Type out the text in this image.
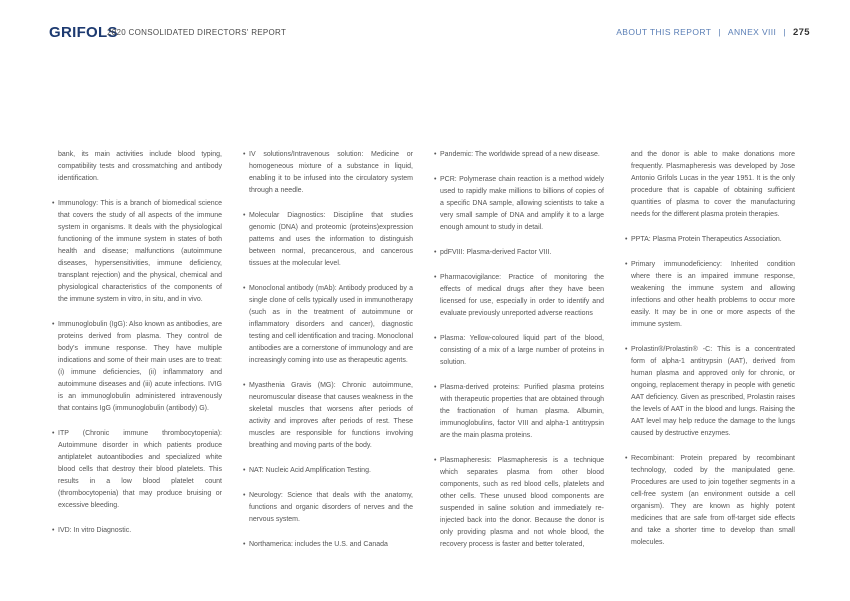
GRIFOLS
2020 CONSOLIDATED DIRECTORS' REPORT	ABOUT THIS REPORT | ANNEX VIII | 275

bank, its main activities include blood typing, compatibility tests and crossmatching and antibody identification.

• Immunology: This is a branch of biomedical science that covers the study of all aspects of the immune system in organisms. It deals with the physiological functioning of the immune system in states of both health and disease; malfunctions (autoimmune diseases, hypersensitivities, immune deficiency, transplant rejection) and the physical, chemical and physiological characteristics of the components of the immune system in vitro, in situ, and in vivo.
• Immunoglobulin (IgG): Also known as antibodies, are proteins derived from plasma. They control de body's immune response. They have multiple indications and some of their main uses are to treat: (i) immune deficiencies, (ii) inflammatory and autoimmune diseases and (iii) acute infections. IVIG is an immunoglobulin administered intravenously that contains IgG (immunoglobulin (antibody) G).
• ITP (Chronic immune thrombocytopenia): Autoimmune disorder in which patients produce antiplatelet autoantibodies and specialized white blood cells that destroy their blood platelets. This results in a low blood platelet count (thrombocytopenia) that may produce bruising or excessive bleeding.
• IVD: In vitro Diagnostic.
• IV solutions/Intravenous solution: Medicine or homogeneous mixture of a substance in liquid, enabling it to be infused into the circulatory system through a needle.
• Molecular Diagnostics: Discipline that studies genomic (DNA) and proteomic (proteins)expression patterns and uses the information to distinguish between normal, precancerous, and cancerous tissues at the molecular level.
• Monoclonal antibody (mAb): Antibody produced by a single clone of cells typically used in immunotherapy (such as in the treatment of autoimmune or inflammatory disorders and cancer), diagnostic testing and cell identification and tracing. Monoclonal antibodies are a cornerstone of immunology and are increasingly coming into use as therapeutic agents.
• Myasthenia Gravis (MG): Chronic autoimmune, neuromuscular disease that causes weakness in the skeletal muscles that worsens after periods of activity and improves after periods of rest. These muscles are responsible for functions involving breathing and moving parts of the body.
• NAT: Nucleic Acid Amplification Testing.
• Neurology: Science that deals with the anatomy, functions and organic disorders of nerves and the nervous system.
• Northamerica: includes the U.S. and Canada
• Pandemic: The worldwide spread of a new disease.
• PCR: Polymerase chain reaction is a method widely used to rapidly make millions to billions of copies of a specific DNA sample, allowing scientists to take a very small sample of DNA and amplify it to a large enough amount to study in detail.
• pdFVIII: Plasma-derived Factor VIII.
• Pharmacovigilance: Practice of monitoring the effects of medical drugs after they have been licensed for use, especially in order to identify and evaluate previously unreported adverse reactions
• Plasma: Yellow-coloured liquid part of the blood, consisting of a mix of a large number of proteins in solution.
• Plasma-derived proteins: Purified plasma proteins with therapeutic properties that are obtained through the fractionation of human plasma. Albumin, immunoglobulins, factor VIII and alpha-1 antitrypsin are the main plasma proteins.
• Plasmapheresis: Plasmapheresis is a technique which separates plasma from other blood components, such as red blood cells, platelets and other cells. These unused blood components are suspended in saline solution and immediately re-injected back into the donor. Because the donor is only providing plasma and not whole blood, the recovery process is faster and better tolerated,

and the donor is able to make donations more frequently. Plasmapheresis was developed by Jose Antonio Grifols Lucas in the year 1951. It is the only procedure that is capable of obtaining sufficient quantities of plasma to cover the manufacturing needs for the different plasma protein therapies.

• PPTA: Plasma Protein Therapeutics Association.
• Primary immunodeficiency: Inherited condition where there is an impaired immune response, weakening the immune system and allowing infections and other health problems to occur more easily. It may be in one or more aspects of the immune system.
• Prolastin®/Prolastin® -C: This is a concentrated form of alpha-1 antitrypsin (AAT), derived from human plasma and approved only for chronic, or ongoing, replacement therapy in people with genetic AAT deficiency. Given as prescribed, Prolastin raises the levels of AAT in the blood and lungs. Raising the AAT level may help reduce the damage to the lungs caused by destructive enzymes.
• Recombinant: Protein prepared by recombinant technology, coded by the manipulated gene. Procedures are used to join together segments in a cell-free system (an environment outside a cell organism). They are known as highly potent medicines that are safe from off-target side effects and take a shorter time to develop than small molecules.
